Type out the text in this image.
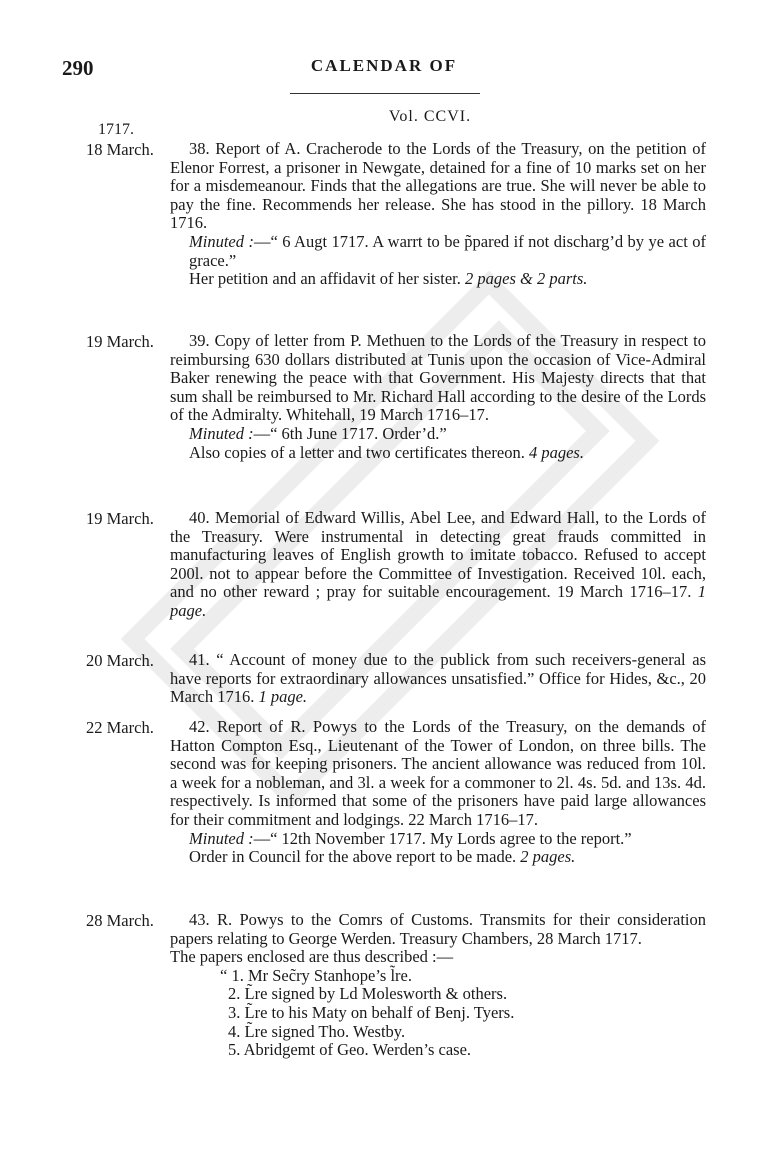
290	CALENDAR OF
Vol. CCVI.
1717.
18 March.	38. Report of A. Cracherode to the Lords of the Treasury, on the petition of Elenor Forrest, a prisoner in Newgate, detained for a fine of 10 marks set on her for a misdemeanour. Finds that the allegations are true. She will never be able to pay the fine. Recommends her release. She has stood in the pillory. 18 March 1716.

Minuted :—“ 6 Augt 1717. A warrt to be p̃pared if not discharg’d by ye act of grace.”

Her petition and an affidavit of her sister. 2 pages & 2 parts.

19 March.	39. Copy of letter from P. Methuen to the Lords of the Treasury in respect to reimbursing 630 dollars distributed at Tunis upon the occasion of Vice-Admiral Baker renewing the peace with that Government. His Majesty directs that that sum shall be reimbursed to Mr. Richard Hall according to the desire of the Lords of the Admiralty. Whitehall, 19 March 1716–17.

Minuted :—“ 6th June 1717. Order’d.”

Also copies of a letter and two certificates thereon. 4 pages.

19 March.	40. Memorial of Edward Willis, Abel Lee, and Edward Hall, to the Lords of the Treasury. Were instrumental in detecting great frauds committed in manufacturing leaves of English growth to imitate tobacco. Refused to accept 200l. not to appear before the Committee of Investigation. Received 10l. each, and no other reward ; pray for suitable encouragement. 19 March 1716–17. 1 page.

20 March.	41. “ Account of money due to the publick from such receivers-general as have reports for extraordinary allowances unsatisfied.” Office for Hides, &c., 20 March 1716. 1 page.

22 March.	42. Report of R. Powys to the Lords of the Treasury, on the demands of Hatton Compton Esq., Lieutenant of the Tower of London, on three bills. The second was for keeping prisoners. The ancient allowance was reduced from 10l. a week for a nobleman, and 3l. a week for a commoner to 2l. 4s. 5d. and 13s. 4d. respectively. Is informed that some of the prisoners have paid large allowances for their commitment and lodgings. 22 March 1716–17.

Minuted :—“ 12th November 1717. My Lords agree to the report.”

Order in Council for the above report to be made. 2 pages.

28 March.	43. R. Powys to the Comrs of Customs. Transmits for their consideration papers relating to George Werden. Treasury Chambers, 28 March 1717.

The papers enclosed are thus described :—

“ 1. Mr Sec̃ry Stanhope’s l̃re.
2. L̃re signed by Ld Molesworth & others.
3. L̃re to his Maty on behalf of Benj. Tyers.
4. L̃re signed Tho. Westby.
5. Abridgemt of Geo. Werden’s case.
